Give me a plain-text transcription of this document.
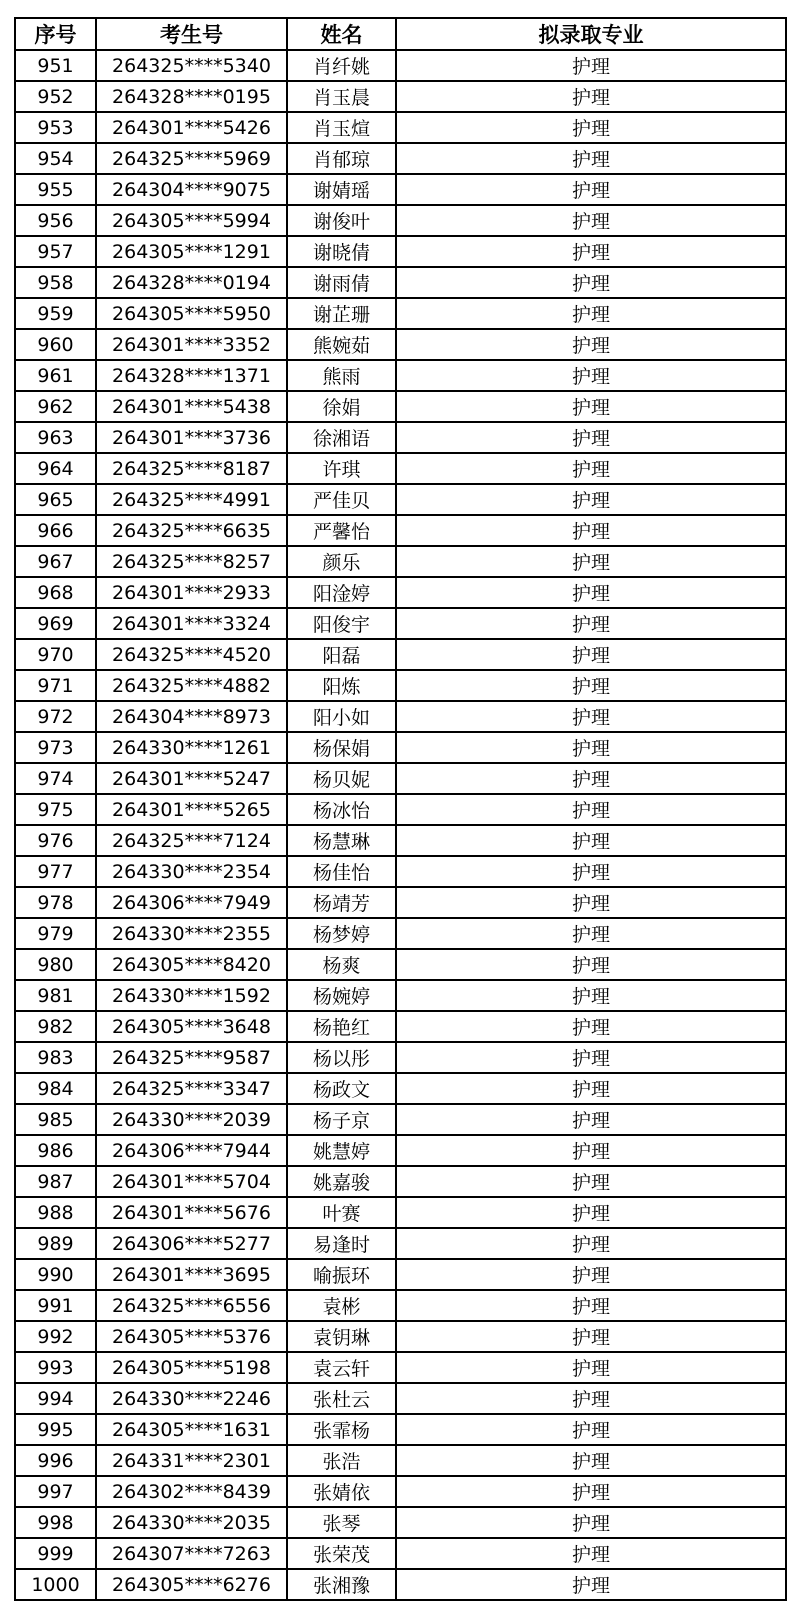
序号	考生号	姓名	拟录取专业
951	264325****5340	肖纤姚	护理
952	264328****0195	肖玉晨	护理
953	264301****5426	肖玉煊	护理
954	264325****5969	肖郁琼	护理
955	264304****9075	谢婧瑶	护理
956	264305****5994	谢俊叶	护理
957	264305****1291	谢晓倩	护理
958	264328****0194	谢雨倩	护理
959	264305****5950	谢芷珊	护理
960	264301****3352	熊婉茹	护理
961	264328****1371	熊雨	护理
962	264301****5438	徐娟	护理
963	264301****3736	徐湘语	护理
964	264325****8187	许琪	护理
965	264325****4991	严佳贝	护理
966	264325****6635	严馨怡	护理
967	264325****8257	颜乐	护理
968	264301****2933	阳淦婷	护理
969	264301****3324	阳俊宇	护理
970	264325****4520	阳磊	护理
971	264325****4882	阳炼	护理
972	264304****8973	阳小如	护理
973	264330****1261	杨保娟	护理
974	264301****5247	杨贝妮	护理
975	264301****5265	杨冰怡	护理
976	264325****7124	杨慧琳	护理
977	264330****2354	杨佳怡	护理
978	264306****7949	杨靖芳	护理
979	264330****2355	杨梦婷	护理
980	264305****8420	杨爽	护理
981	264330****1592	杨婉婷	护理
982	264305****3648	杨艳红	护理
983	264325****9587	杨以彤	护理
984	264325****3347	杨政文	护理
985	264330****2039	杨子京	护理
986	264306****7944	姚慧婷	护理
987	264301****5704	姚嘉骏	护理
988	264301****5676	叶赛	护理
989	264306****5277	易逢时	护理
990	264301****3695	喻振环	护理
991	264325****6556	袁彬	护理
992	264305****5376	袁钥琳	护理
993	264305****5198	袁云轩	护理
994	264330****2246	张杜云	护理
995	264305****1631	张霏杨	护理
996	264331****2301	张浩	护理
997	264302****8439	张婧依	护理
998	264330****2035	张琴	护理
999	264307****7263	张荣茂	护理
1000	264305****6276	张湘豫	护理
